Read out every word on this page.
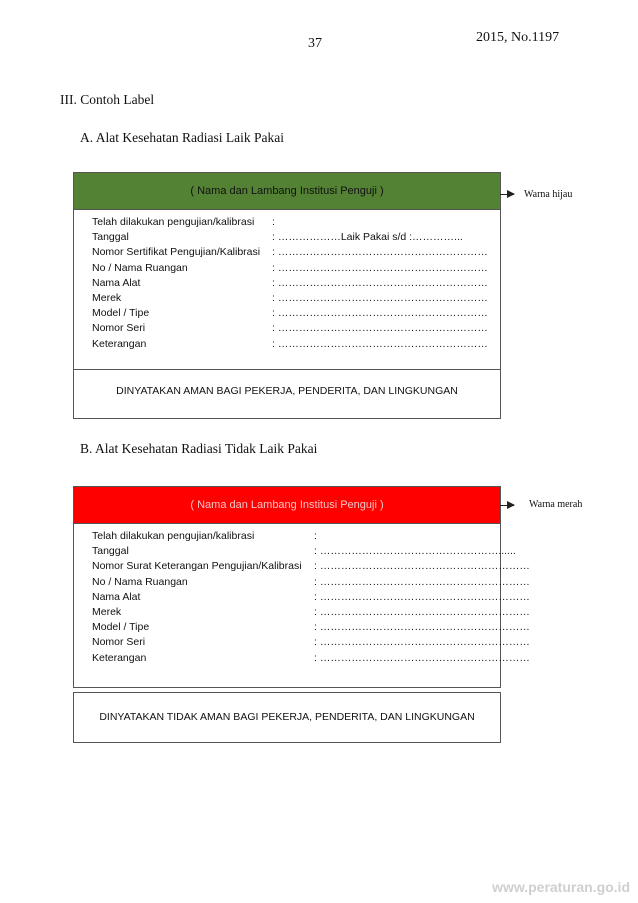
37	2015, No.1197
III. Contoh Label
A. Alat Kesehatan Radiasi Laik Pakai
( Nama dan Lambang Institusi Penguji )
Telah dilakukan pengujian/kalibrasi	:
Tanggal	: ………………Laik Pakai s/d :…………...
Nomor Sertifikat Pengujian/Kalibrasi	: ……………………………………………………
No / Nama Ruangan	: ……………………………………………………
Nama Alat	: ……………………………………………………
Merek	: ……………………………………………………
Model / Tipe	: ……………………………………………………
Nomor Seri	: ……………………………………………………
Keterangan	: ……………………………………………………
DINYATAKAN AMAN BAGI PEKERJA, PENDERITA, DAN LINGKUNGAN
Warna hijau
B. Alat Kesehatan Radiasi Tidak Laik Pakai
( Nama dan Lambang Institusi Penguji )
Telah dilakukan pengujian/kalibrasi	:
Tanggal	: ……………………………………………......
Nomor Surat Keterangan Pengujian/Kalibrasi	: ……………………………………………………
No / Nama Ruangan	: ……………………………………………………
Nama Alat	: ……………………………………………………
Merek	: ……………………………………………………
Model / Tipe	: ……………………………………………………
Nomor Seri	: ……………………………………………………
Keterangan	: ……………………………………………………
DINYATAKAN TIDAK AMAN BAGI PEKERJA, PENDERITA, DAN LINGKUNGAN
Warna merah
www.peraturan.go.id
